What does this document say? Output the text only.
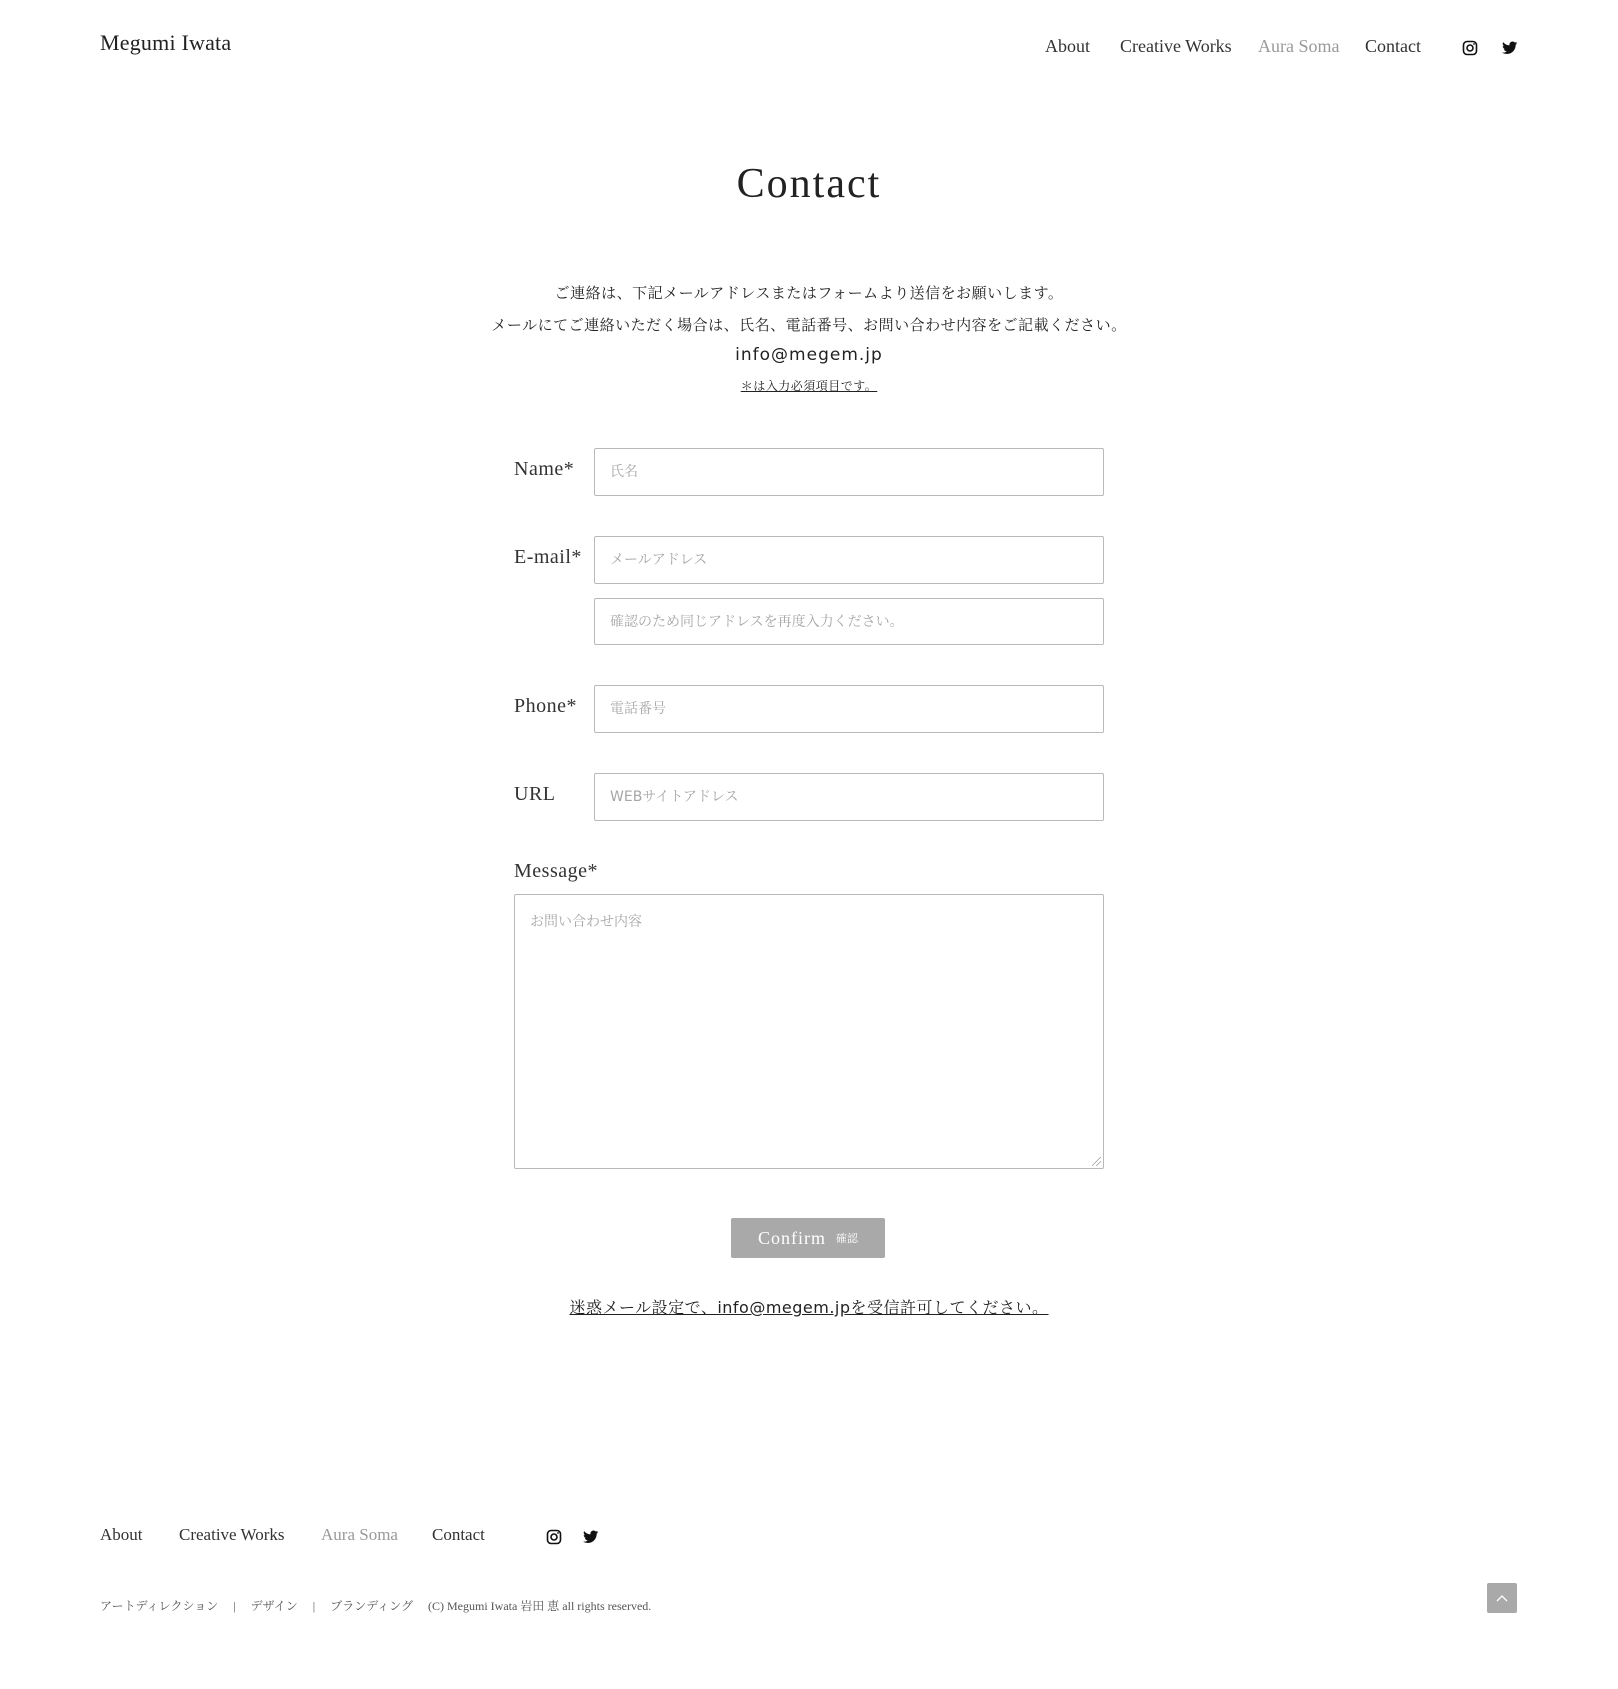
Megumi Iwata	About Creative Works Aura Soma Contact
Contact
ご連絡は、下記メールアドレスまたはフォームより送信をお願いします。
メールにてご連絡いただく場合は、氏名、電話番号、お問い合わせ内容をご記載ください。
info@megem.jp
＊は入力必須項目です。
Name*
氏名
E-mail*
メールアドレス
確認のため同じアドレスを再度入力ください。
Phone*
電話番号
URL
WEBサイトアドレス
Message*
お問い合わせ内容
Confirm 確認
迷惑メール設定で、info@megem.jpを受信許可してください。
About Creative Works Aura Soma Contact
アートディレクション | デザイン | ブランディング (C) Megumi Iwata 岩田 恵 all rights reserved.
